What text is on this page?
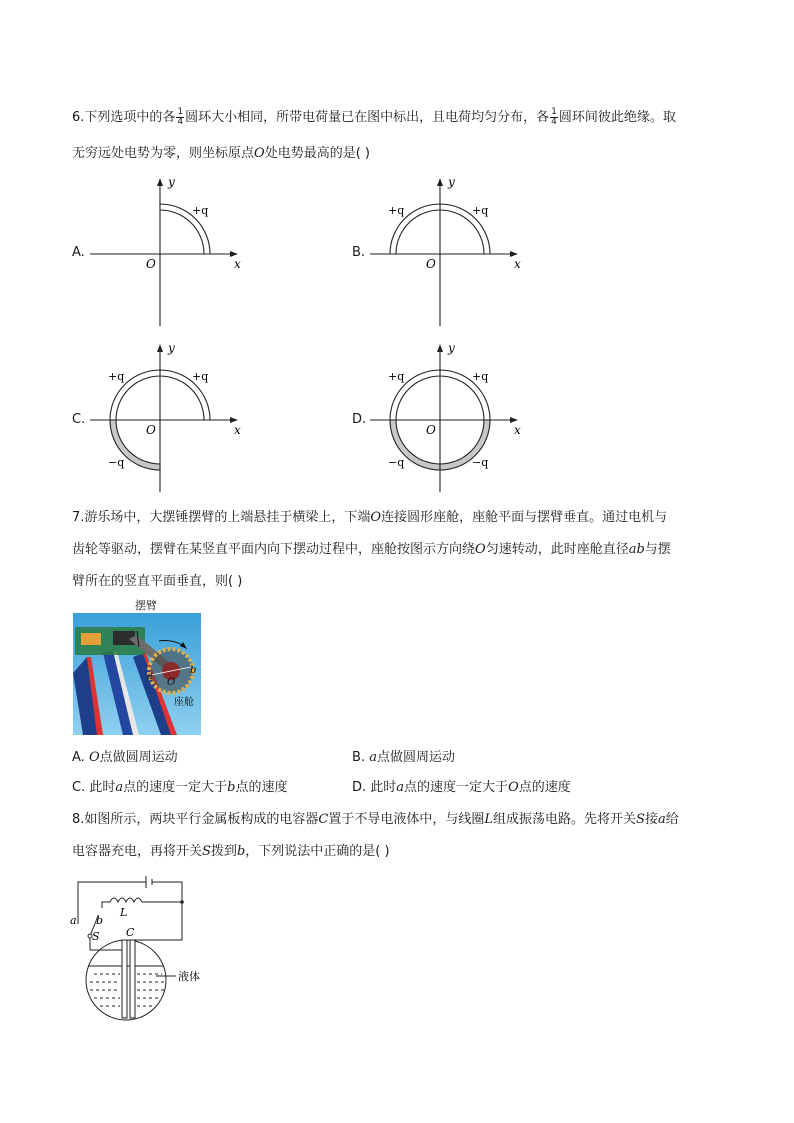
6.下列选项中的各 $\frac{1}{4}$ 圆环大小相同，所带电荷量已在图中标出，且电荷均匀分布，各 $\frac{1}{4}$ 圆环间彼此绝缘。取
无穷远处电势为零，则坐标原点O处电势最高的是( )
A.
y
x
O
+q
B.
y
x
O
+q
+q
C.
y
x
O
+q
+q
−q
D.
y
x
O
+q
+q
−q	−q
7.游乐场中，大摆锤摆臂的上端悬挂于横梁上，下端O连接圆形座舱，座舱平面与摆臂垂直。通过电机与
齿轮等驱动，摆臂在某竖直平面内向下摆动过程中，座舱按图示方向绕O匀速转动，此时座舱直径ab与摆
臂所在的竖直平面垂直，则( )
摆臂
a
b
O
座舱
A. O点做圆周运动	B. a点做圆周运动
C. 此时a点的速度一定大于b点的速度	D. 此时a点的速度一定大于O点的速度
8.如图所示，两块平行金属板构成的电容器C置于不导电液体中，与线圈L组成振荡电路。先将开关S接a给
电容器充电，再将开关S拨到b，下列说法中正确的是( )
a b
S
L
C
液体
